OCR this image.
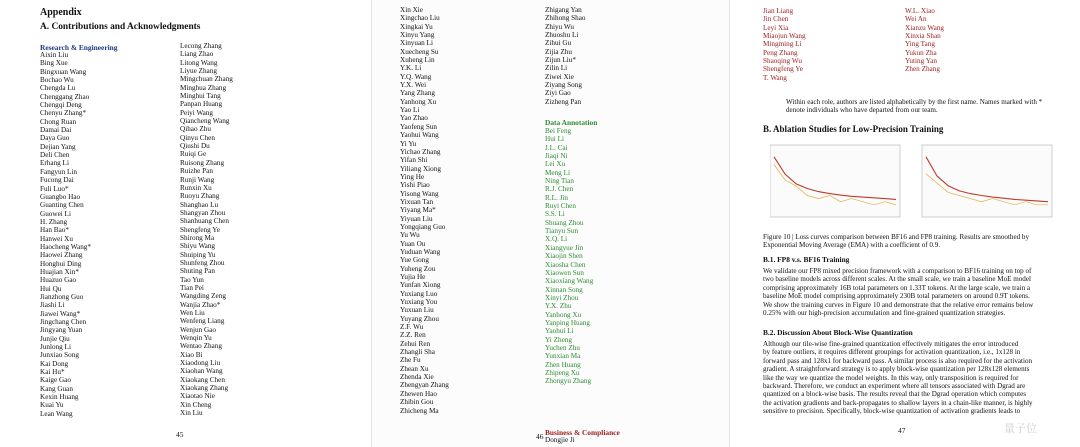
Appendix
A. Contributions and Acknowledgments
Research & Engineering
Aixin Liu
Bing Xue
Bingxuan Wang
Bochao Wu
Chengda Lu
Chenggang Zhao
Chengqi Deng
Chenyu Zhang*
Chong Ruan
Damai Dai
Daya Guo
Dejian Yang
Deli Chen
Erhang Li
Fangyun Lin
Fucong Dai
Fuli Luo*
Guangbo Hao
Guanting Chen
Guowei Li
H. Zhang
Han Bao*
Hanwei Xu
Haocheng Wang*
Haowei Zhang
Honghui Ding
Huajian Xin*
Huazuo Gao
Hui Qu
Jianzhong Guo
Jiashi Li
Jiawei Wang*
Jingchang Chen
Jingyang Yuan
Junjie Qiu
Junlong Li
Junxiao Song
Kai Dong
Kai Hu*
Kaige Gao
Kang Guan
Kexin Huang
Kuai Yu
Lean Wang
Lecong Zhang
Liang Zhao
Litong Wang
Liyue Zhang
Mingchuan Zhang
Minghua Zhang
Minghui Tang
Panpan Huang
Peiyi Wang
Qiancheng Wang
Qihao Zhu
Qinyu Chen
Qiushi Du
Ruiqi Ge
Ruisong Zhang
Ruizhe Pan
Runji Wang
Runxin Xu
Ruoyu Zhang
Shanghao Lu
Shangyan Zhou
Shanhuang Chen
Shengfeng Ye
Shirong Ma
Shiyu Wang
Shuiping Yu
Shunfeng Zhou
Shuting Pan
Tao Yun
Tian Pei
Wangding Zeng
Wanjia Zhao*
Wen Liu
Wenfeng Liang
Wenjun Gao
Wenqin Yu
Wentao Zhang
Xiao Bi
Xiaodong Liu
Xiaohan Wang
Xiaokang Chen
Xiaokang Zhang
Xiaotao Nie
Xin Cheng
Xin Liu
45
Xin Xie
Xingchao Liu
Xingkai Yu
Xinyu Yang
Xinyuan Li
Xuecheng Su
Xuheng Lin
Y.K. Li
Y.Q. Wang
Y.X. Wei
Yang Zhang
Yanhong Xu
Yao Li
Yao Zhao
Yaofeng Sun
Yaohui Wang
Yi Yu
Yichao Zhang
Yifan Shi
Yiliang Xiong
Ying He
Yishi Piao
Yisong Wang
Yixuan Tan
Yiyang Ma*
Yiyuan Liu
Yongqiang Guo
Yu Wu
Yuan Ou
Yuduan Wang
Yue Gong
Yuheng Zou
Yujia He
Yunfan Xiong
Yuxiang Luo
Yuxiang You
Yuxuan Liu
Yuyang Zhou
Z.F. Wu
Z.Z. Ren
Zehui Ren
Zhangli Sha
Zhe Fu
Zhean Xu
Zhenda Xie
Zhengyan Zhang
Zhewen Hao
Zhibin Gou
Zhicheng Ma
Zhigang Yan
Zhihong Shao
Zhiyu Wu
Zhuoshu Li
Zihui Gu
Zijia Zhu
Zijun Liu*
Zilin Li
Ziwei Xie
Ziyang Song
Ziyi Gao
Zizheng Pan
Data Annotation
Bei Feng
Hui Li
J.L. Cai
Jiaqi Ni
Lei Xu
Meng Li
Ning Tian
R.J. Chen
R.L. Jin
Ruyi Chen
S.S. Li
Shuang Zhou
Tianyu Sun
X.Q. Li
Xiangyue Jin
Xiaojin Shen
Xiaosha Chen
Xiaowen Sun
Xiaoxiang Wang
Xinnan Song
Xinyi Zhou
Y.X. Zhu
Yanhong Xu
Yanping Huang
Yaohui Li
Yi Zheng
Yuchen Zhu
Yunxian Ma
Zhen Huang
Zhipeng Xu
Zhongyu Zhang
Business & Compliance
Dongjie Ji
46
Jian Liang
Jin Chen
Leyi Xia
Miaojun Wang
Mingming Li
Peng Zhang
Shaoqing Wu
Shengfeng Ye
T. Wang
W.L. Xiao
Wei An
Xianzu Wang
Xinxia Shan
Ying Tang
Yukun Zha
Yuting Yan
Zhen Zhang
Within each role, authors are listed alphabetically by the first name. Names marked with *
denote individuals who have departed from our team.
B. Ablation Studies for Low-Precision Training
Figure 10 | Loss curves comparison between BF16 and FP8 training. Results are smoothed by
Exponential Moving Average (EMA) with a coefficient of 0.9.
B.1. FP8 v.s. BF16 Training
We validate our FP8 mixed precision framework with a comparison to BF16 training on top of
two baseline models across different scales. At the small scale, we train a baseline MoE model
comprising approximately 16B total parameters on 1.33T tokens. At the large scale, we train a
baseline MoE model comprising approximately 230B total parameters on around 0.9T tokens.
We show the training curves in Figure 10 and demonstrate that the relative error remains below
0.25% with our high-precision accumulation and fine-grained quantization strategies.
B.2. Discussion About Block-Wise Quantization
Although our tile-wise fine-grained quantization effectively mitigates the error introduced
by feature outliers, it requires different groupings for activation quantization, i.e., 1x128 in
forward pass and 128x1 for backward pass. A similar process is also required for the activation
gradient. A straightforward strategy is to apply block-wise quantization per 128x128 elements
like the way we quantize the model weights. In this way, only transposition is required for
backward. Therefore, we conduct an experiment where all tensors associated with Dgrad are
quantized on a block-wise basis. The results reveal that the Dgrad operation which computes
the activation gradients and back-propagates to shallow layers in a chain-like manner, is highly
sensitive to precision. Specifically, block-wise quantization of activation gradients leads to
量子位
47
